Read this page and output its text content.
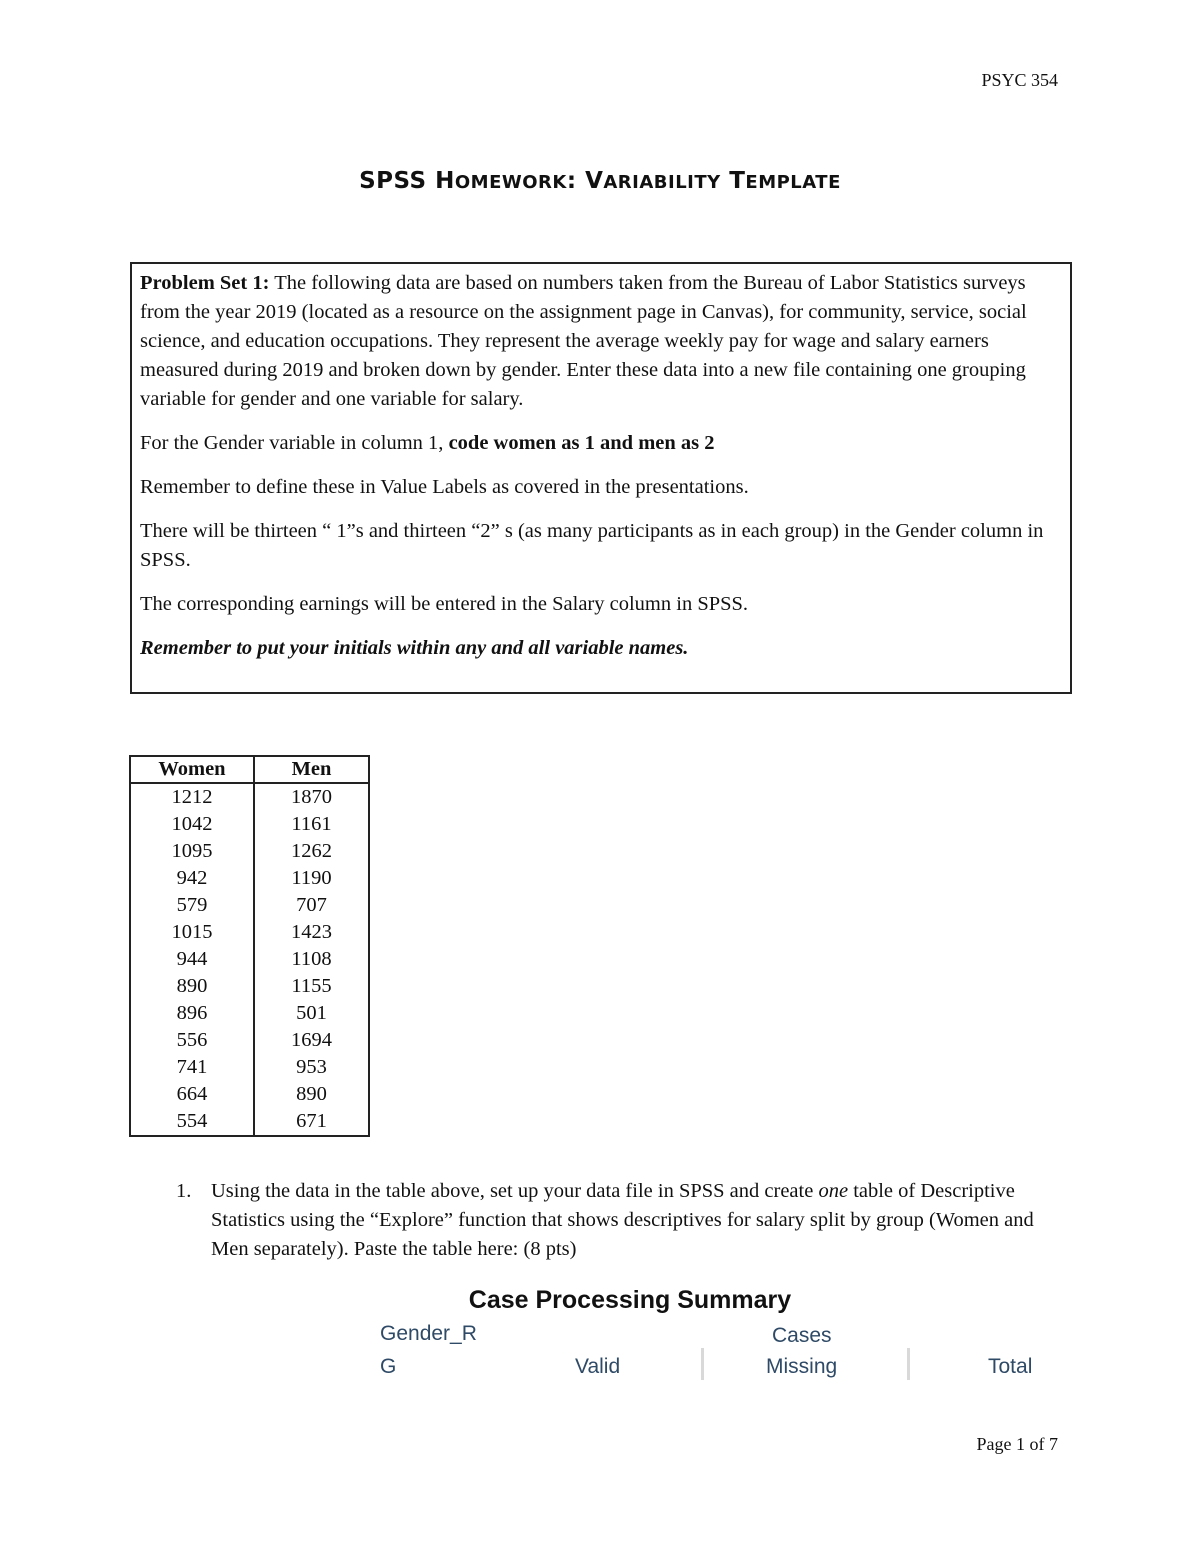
PSYC 354
SPSS HOMEWORK: VARIABILITY TEMPLATE

Problem Set 1: The following data are based on numbers taken from the Bureau of Labor Statistics surveys from the year 2019 (located as a resource on the assignment page in Canvas), for community, service, social science, and education occupations. They represent the average weekly pay for wage and salary earners measured during 2019 and broken down by gender. Enter these data into a new file containing one grouping variable for gender and one variable for salary.

For the Gender variable in column 1, code women as 1 and men as 2

Remember to define these in Value Labels as covered in the presentations.

There will be thirteen “ 1”s and thirteen “2” s (as many participants as in each group) in the Gender column in SPSS.

The corresponding earnings will be entered in the Salary column in SPSS.

Remember to put your initials within any and all variable names.

Women	Men
1212	1870
1042	1161
1095	1262
942	1190
579	707
1015	1423
944	1108
890	1155
896	501
556	1694
741	953
664	890
554	671
1. Using the data in the table above, set up your data file in SPSS and create one table of Descriptive Statistics using the “Explore” function that shows descriptives for salary split by group (Women and Men separately). Paste the table here: (8 pts)
Case Processing Summary
Gender_R	Cases
G	Valid	Missing	Total
Page 1 of 7
